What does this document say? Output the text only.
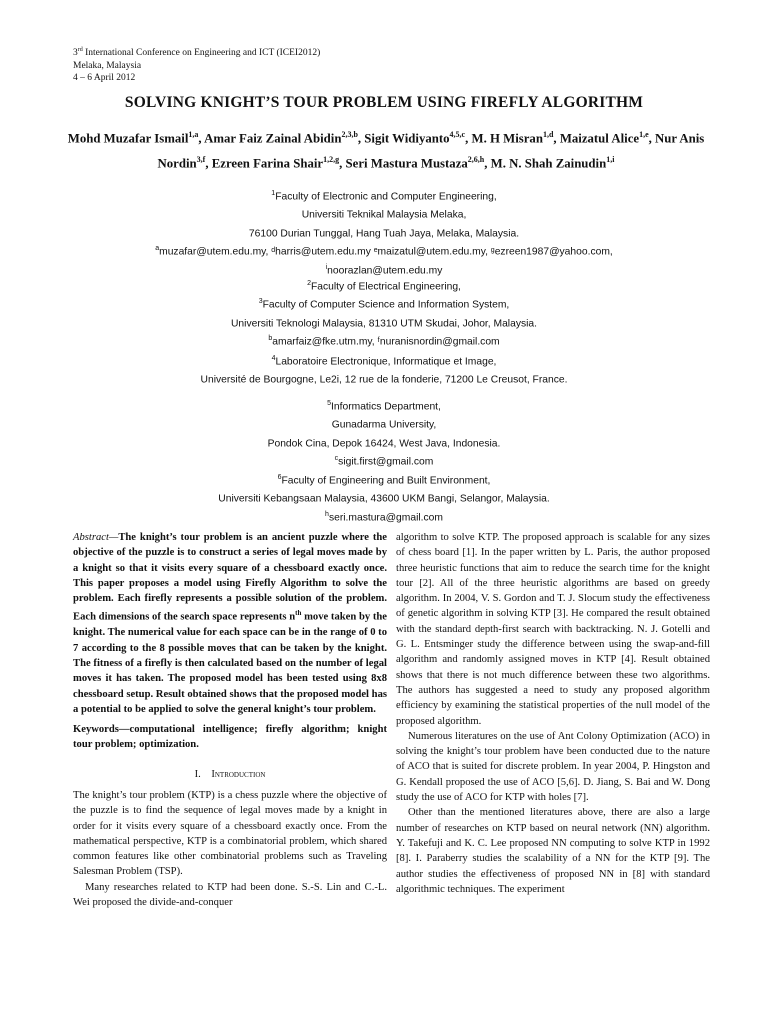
3rd International Conference on Engineering and ICT (ICEI2012)
Melaka, Malaysia
4 – 6 April 2012
SOLVING KNIGHT’S TOUR PROBLEM USING FIREFLY ALGORITHM
Mohd Muzafar Ismail$^{1,a}$, Amar Faiz Zainal Abidin$^{2,3,b}$, Sigit Widiyanto$^{4,5,c}$, M. H Misran$^{1,d}$, Maizatul Alice$^{1,e}$, Nur Anis Nordin$^{3,f}$, Ezreen Farina Shair$^{1,2,g}$, Seri Mastura Mustaza$^{2,6,h}$, M. N. Shah Zainudin$^{1,i}$
$^1$Faculty of Electronic and Computer Engineering,
Universiti Teknikal Malaysia Melaka,
76100 Durian Tunggal, Hang Tuah Jaya, Melaka, Malaysia.
$^a$muzafar@utem.edu.my, ᵈharris@utem.edu.my ᵉmaizatul@utem.edu.my, ᵍezreen1987@yahoo.com,
$^i$noorazlan@utem.edu.my
$^2$Faculty of Electrical Engineering,
$^3$Faculty of Computer Science and Information System,
Universiti Teknologi Malaysia, 81310 UTM Skudai, Johor, Malaysia.
$^b$amarfaiz@fke.utm.my, ᶠnuranisnordin@gmail.com
$^4$Laboratoire Electronique, Informatique et Image,
Université de Bourgogne, Le2i, 12 rue de la fonderie, 71200 Le Creusot, France.
$^5$Informatics Department,
Gunadarma University,
Pondok Cina, Depok 16424, West Java, Indonesia.
$^c$sigit.first@gmail.com
$^6$Faculty of Engineering and Built Environment,
Universiti Kebangsaan Malaysia, 43600 UKM Bangi, Selangor, Malaysia.
$^h$seri.mastura@gmail.com

Abstract—The knight’s tour problem is an ancient puzzle where the objective of the puzzle is to construct a series of legal moves made by a knight so that it visits every square of a chessboard exactly once. This paper proposes a model using Firefly Algorithm to solve the problem. Each firefly represents a possible solution of the problem. Each dimensions of the search space represents $n^{th}$ move taken by the knight. The numerical value for each space can be in the range of 0 to 7 according to the 8 possible moves that can be taken by the knight. The fitness of a firefly is then calculated based on the number of legal moves it has taken. The proposed model has been tested using 8x8 chessboard setup. Result obtained shows that the proposed model has a potential to be applied to solve the general knight’s tour problem.

Keywords—computational intelligence; firefly algorithm; knight tour problem; optimization.

I. Introduction

The knight’s tour problem (KTP) is a chess puzzle where the objective of the puzzle is to find the sequence of legal moves made by a knight in order for it visits every square of a chessboard exactly once. From the mathematical perspective, KTP is a combinatorial problem, which shared common features like other combinatorial problems such as Traveling Salesman Problem (TSP).

Many researches related to KTP had been done. S.-S. Lin and C.-L. Wei proposed the divide-and-conquer

algorithm to solve KTP. The proposed approach is scalable for any sizes of chess board [1]. In the paper written by L. Paris, the author proposed three heuristic functions that aim to reduce the search time for the knight tour [2]. All of the three heuristic algorithms are based on greedy algorithm. In 2004, V. S. Gordon and T. J. Slocum study the effectiveness of genetic algorithm in solving KTP [3]. He compared the result obtained with the standard depth-first search with backtracking. N. J. Gotelli and G. L. Entsminger study the difference between using the swap-and-fill algorithm and randomly assigned moves in KTP [4]. Result obtained shows that there is not much difference between these two algorithms. The authors has suggested a need to study any proposed algorithm efficiency by examining the statistical properties of the null model of the proposed algorithm.

Numerous literatures on the use of Ant Colony Optimization (ACO) in solving the knight’s tour problem have been conducted due to the nature of ACO that is suited for discrete problem. In year 2004, P. Hingston and G. Kendall proposed the use of ACO [5,6]. D. Jiang, S. Bai and W. Dong study the use of ACO for KTP with holes [7].

Other than the mentioned literatures above, there are also a large number of researches on KTP based on neural network (NN) algorithm. Y. Takefuji and K. C. Lee proposed NN computing to solve KTP in 1992 [8]. I. Paraberry studies the scalability of a NN for the KTP [9]. The author studies the effectiveness of proposed NN in [8] with standard algorithmic techniques. The experiment
